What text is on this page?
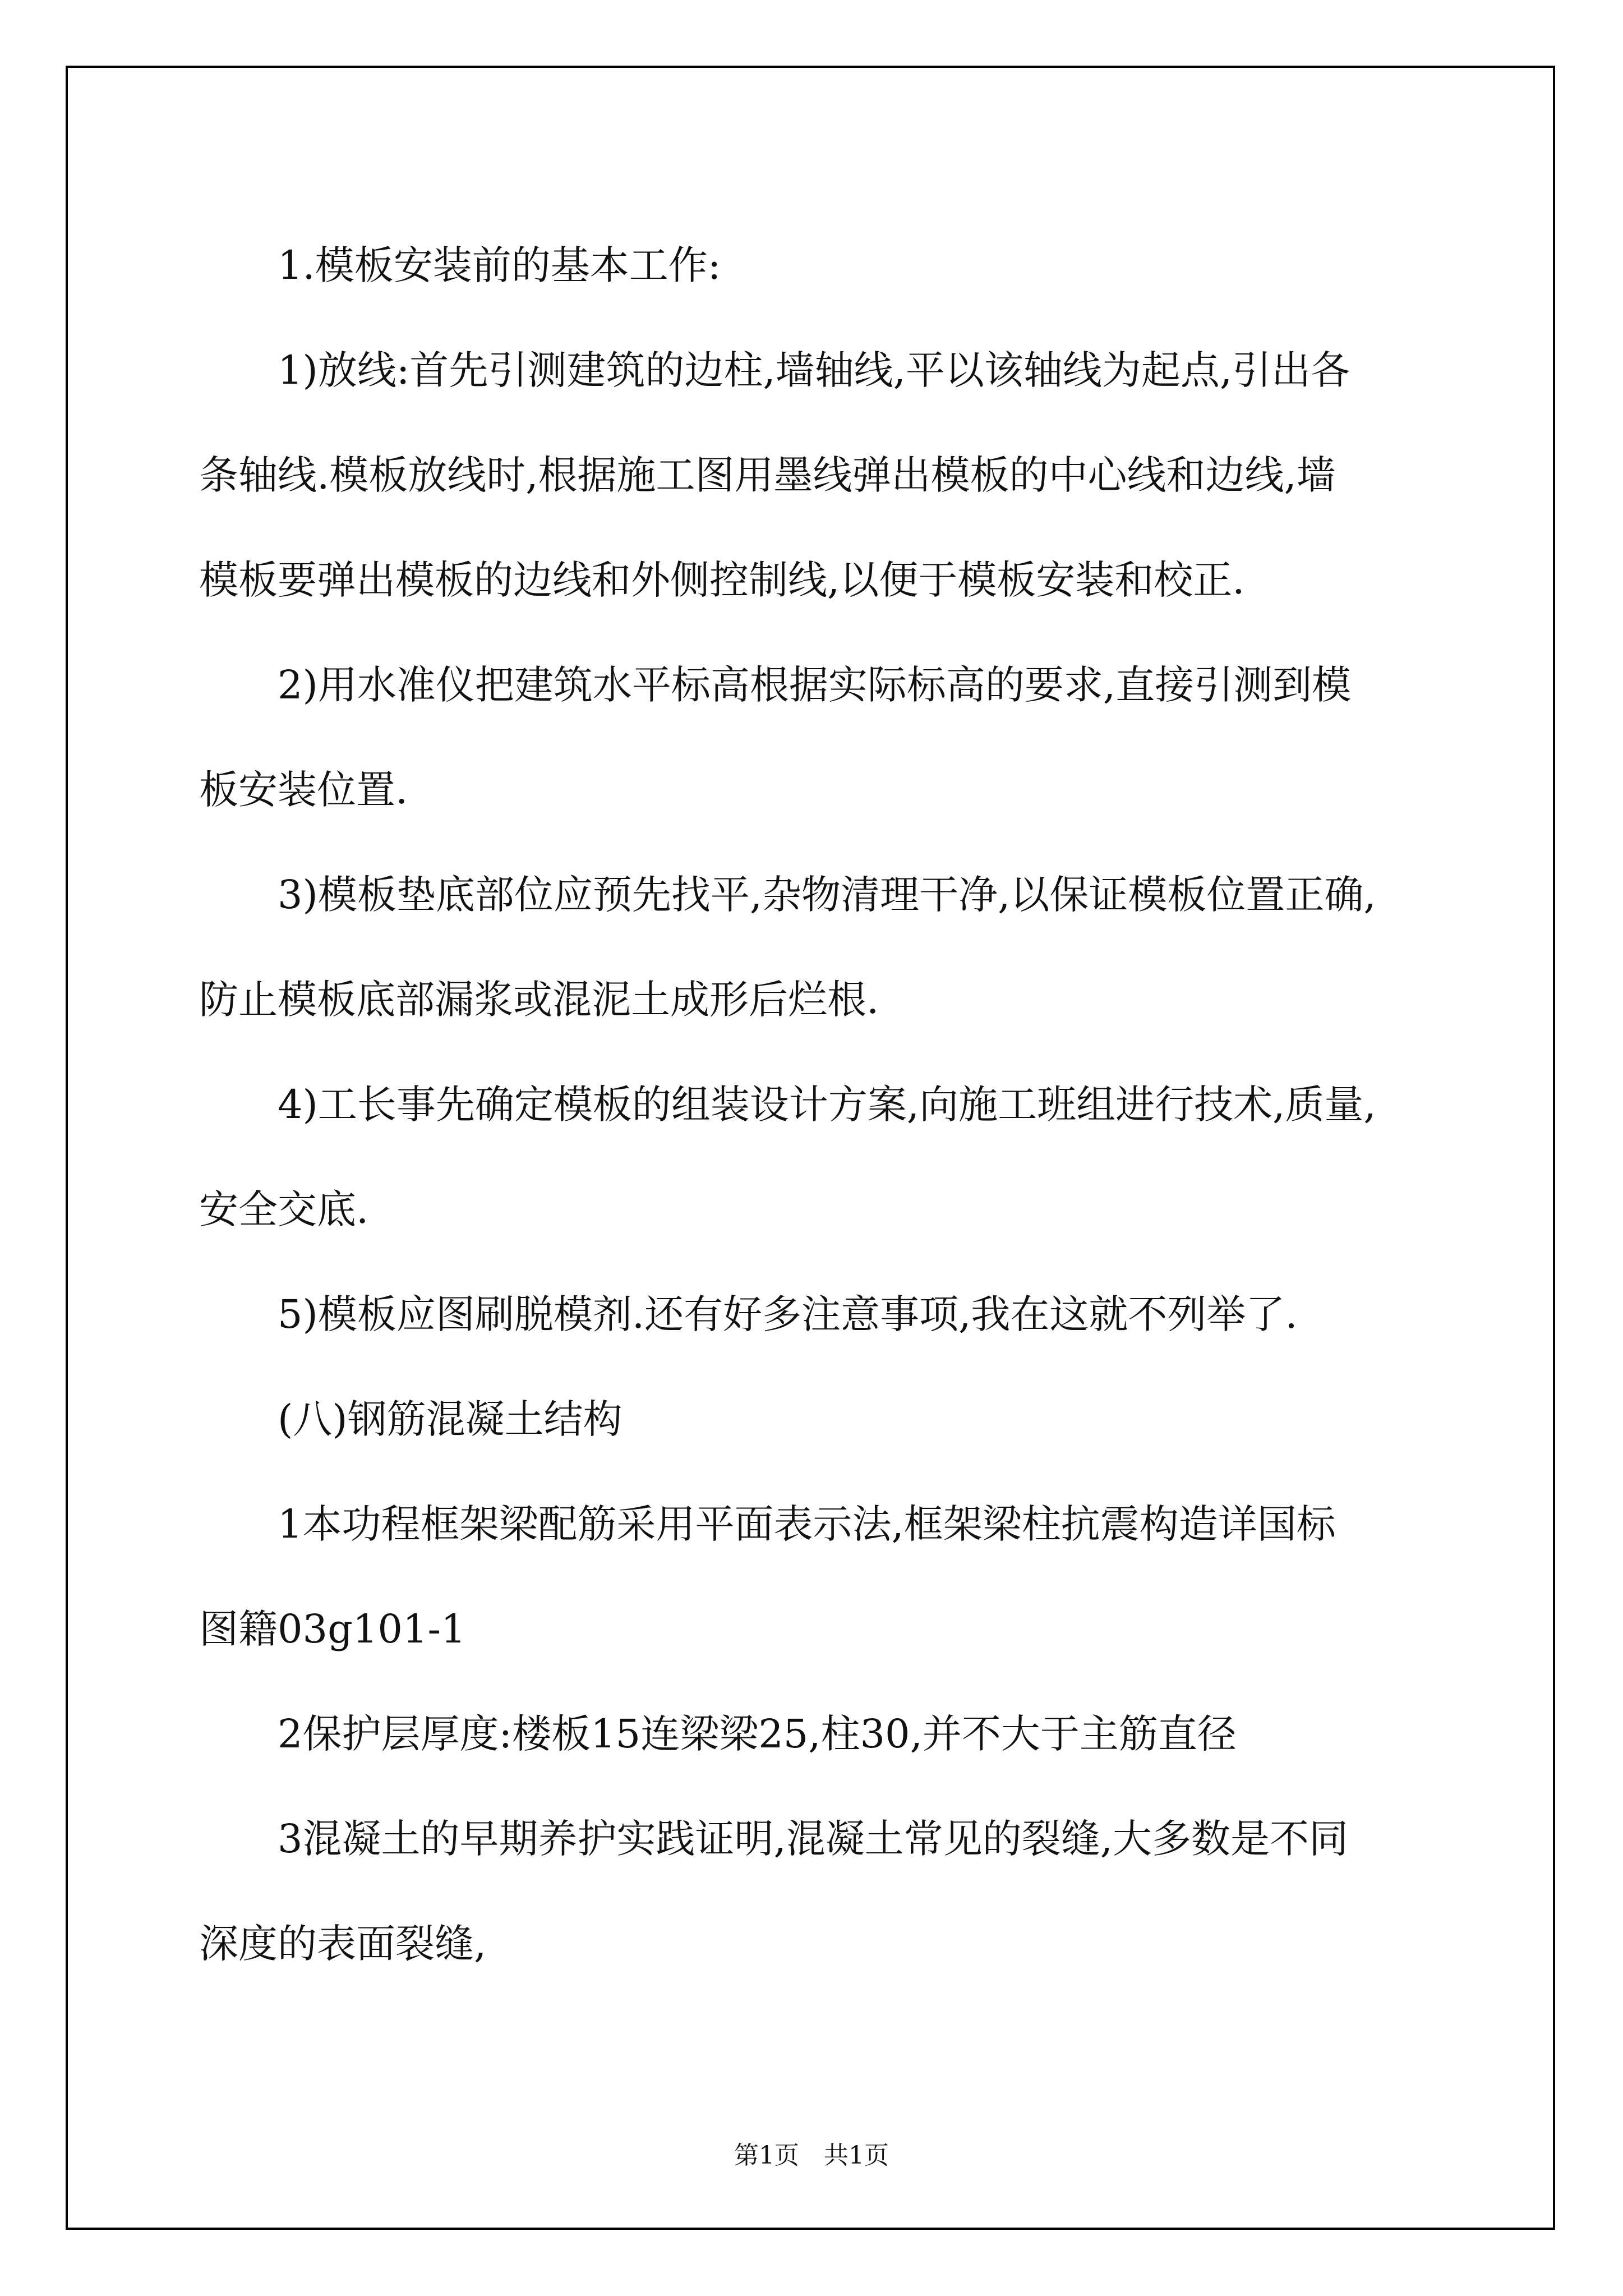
1.模板安装前的基本工作:

1)放线:首先引测建筑的边柱,墙轴线,平以该轴线为起点,引出各

条轴线.模板放线时,根据施工图用墨线弹出模板的中心线和边线,墙

模板要弹出模板的边线和外侧控制线,以便于模板安装和校正.

2)用水准仪把建筑水平标高根据实际标高的要求,直接引测到模

板安装位置.

3)模板垫底部位应预先找平,杂物清理干净,以保证模板位置正确,

防止模板底部漏浆或混泥土成形后烂根.

4)工长事先确定模板的组装设计方案,向施工班组进行技术,质量,

安全交底.

5)模板应图刷脱模剂.还有好多注意事项,我在这就不列举了.

(八)钢筋混凝土结构

1本功程框架梁配筋采用平面表示法,框架梁柱抗震构造详国标

图籍03g101-1

2保护层厚度:楼板15连梁梁25,柱30,并不大于主筋直径

3混凝土的早期养护实践证明,混凝土常见的裂缝,大多数是不同

深度的表面裂缝,

第1页　共1页
